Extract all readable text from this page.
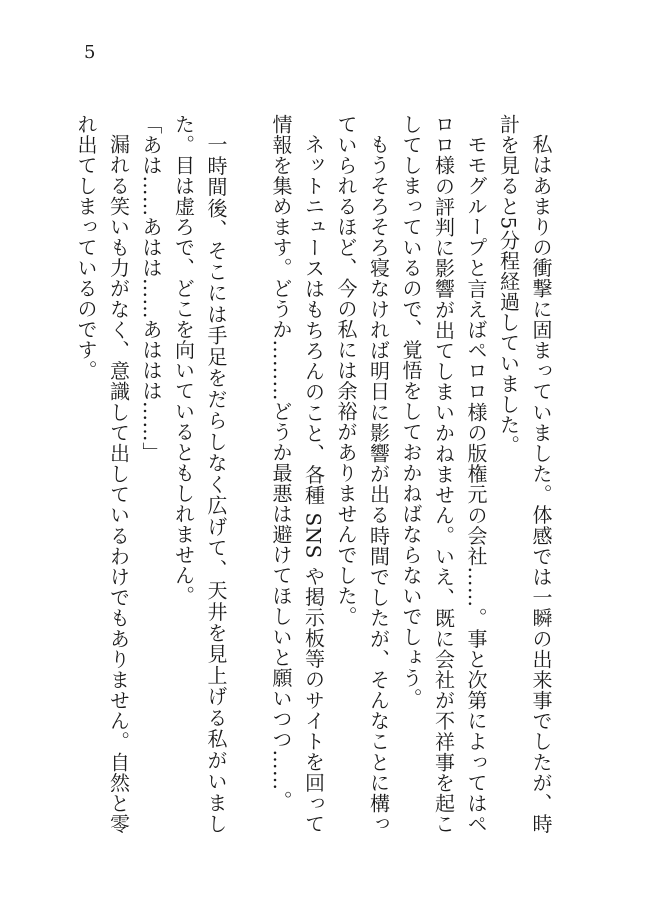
5

私はあまりの衝撃に固まっていました。体感では一瞬の出来事でしたが、時計を見ると5分程経過していました。

モモグループと言えばペロロ様の版権元の会社……。事と次第によってはペロロ様の評判に影響が出てしまいかねません。いえ、既に会社が不祥事を起こしてしまっているので、覚悟をしておかねばならないでしょう。

もうそろそろ寝なければ明日に影響が出る時間でしたが、そんなことに構っていられるほど、今の私には余裕がありませんでした。

ネットニュースはもちろんのこと、各種 SNS や掲示板等のサイトを回って情報を集めます。どうか………どうか最悪は避けてほしいと願いつつ……。

一時間後、そこには手足をだらしなく広げて、天井を見上げる私がいました。目は虚ろで、どこを向いているともしれません。

「あは……あはは……あははは……」

漏れる笑いも力がなく、意識して出しているわけでもありません。自然と零れ出てしまっているのです。
